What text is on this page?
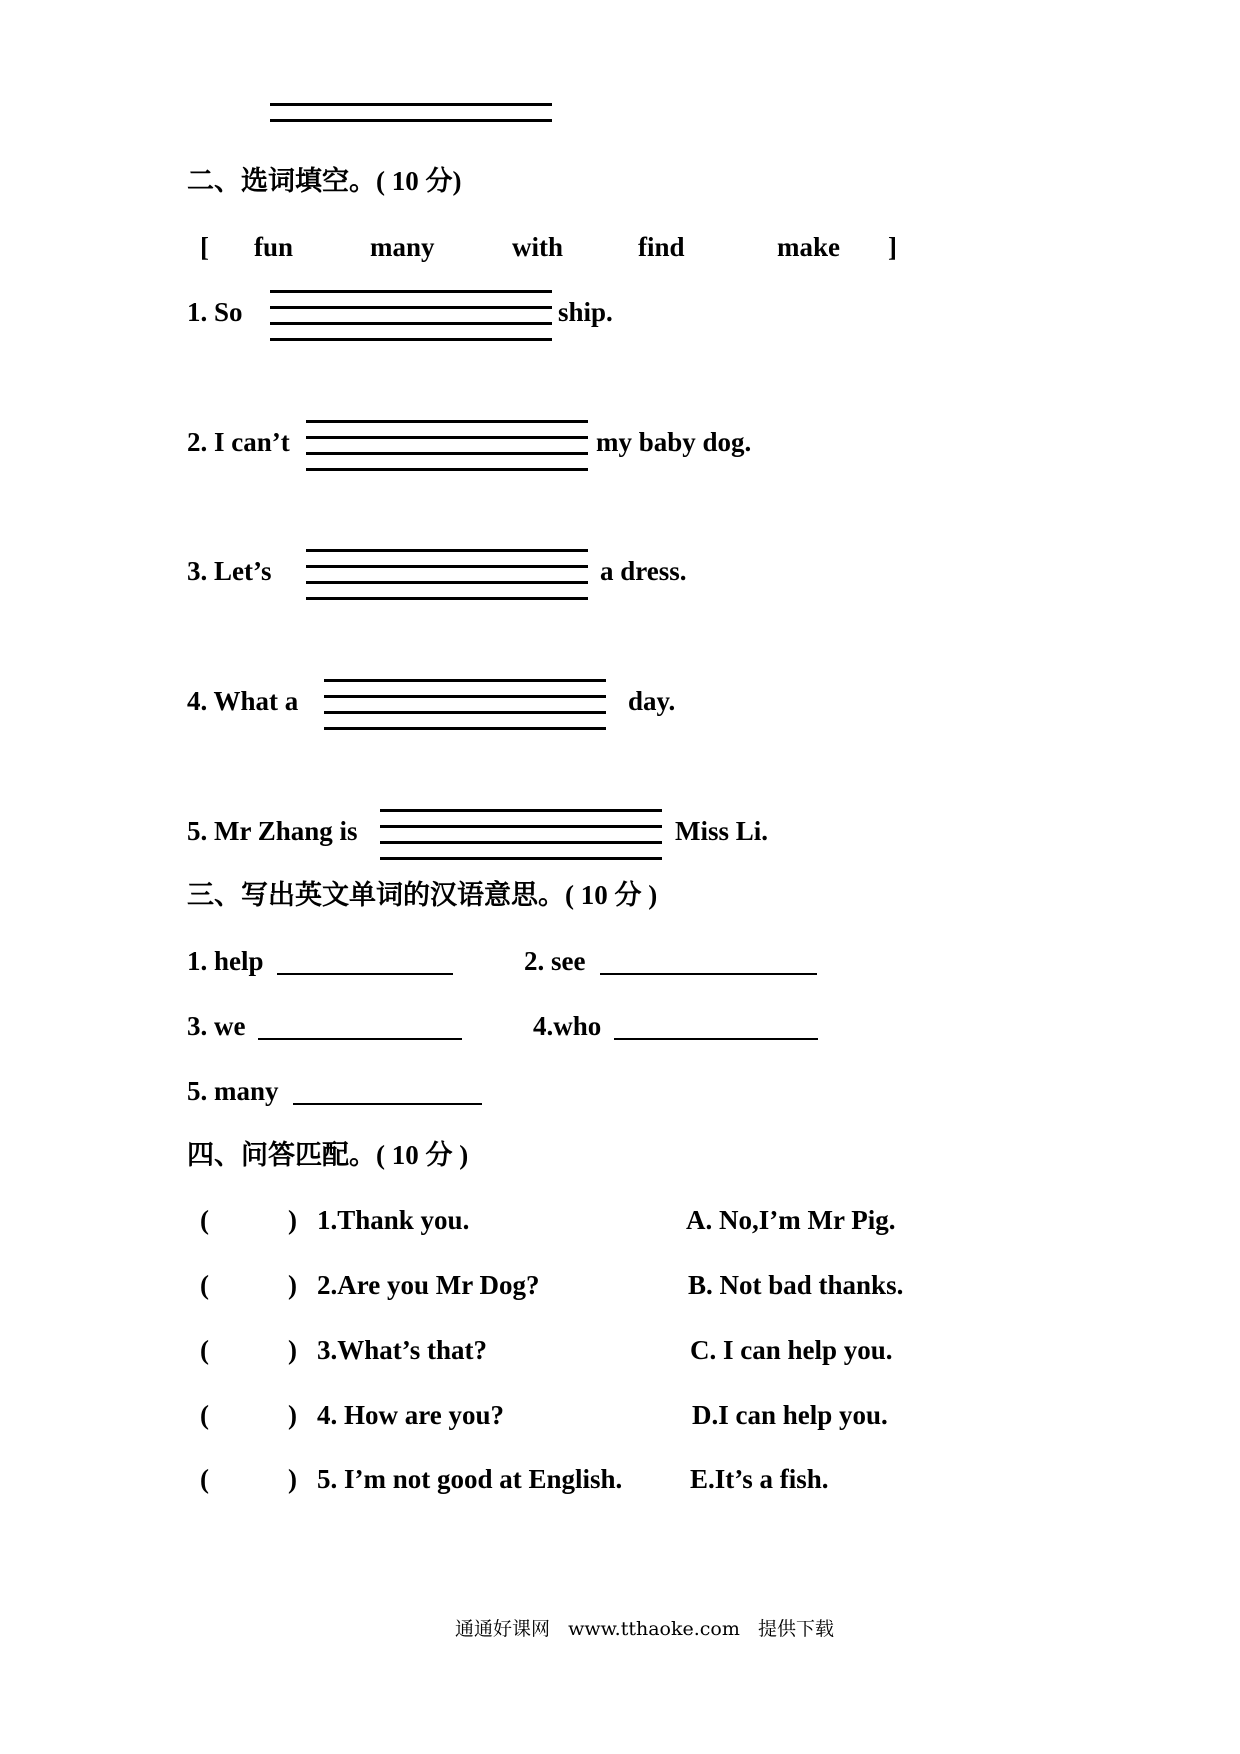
二、选词填空。( 10 分)
[ fun	many	with	find	make ]
1. So	ship.
2. I can’t	my baby dog.
3. Let’s	a dress.
4. What a	day.
5. Mr Zhang is	Miss Li.
三、写出英文单词的汉语意思。( 10 分 )
1. help	2. see
3. we	4.who
5. many
四、问答匹配。( 10 分 )
(	) 1.Thank you.	A. No,I’m Mr Pig.
(	) 2.Are you Mr Dog?	B. Not bad thanks.
(	) 3.What’s that?	C. I can help you.
(	) 4. How are you?	D.I can help you.
(	) 5. I’m not good at English.	E.It’s a fish.
通通好课网   www.tthaoke.com   提供下载
